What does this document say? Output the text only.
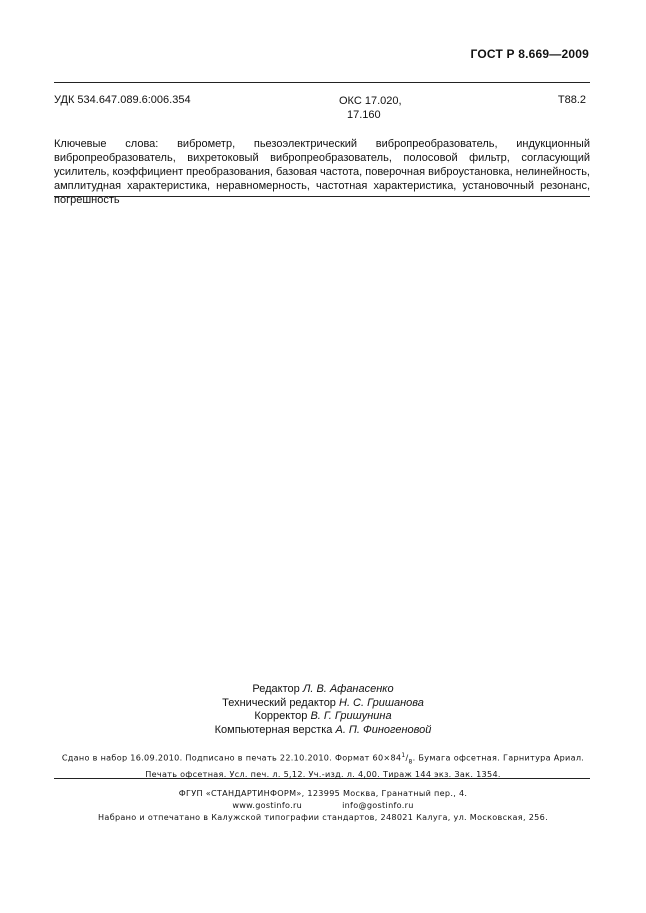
ГОСТ Р 8.669—2009
УДК 534.647.089.6:006.354	ОКС 17.020,
17.160
Т88.2
Ключевые слова: виброметр, пьезоэлектрический вибропреобразователь, индукционный вибропреобразователь, вихретоковый вибропреобразователь, полосовой фильтр, согласующий усилитель, коэффициент преобразования, базовая частота, поверочная виброустановка, нелинейность, амплитудная характеристика, неравномерность, частотная характеристика, установочный резонанс, погрешность
Редактор Л. В. Афанасенко
Технический редактор Н. С. Гришанова
Корректор В. Г. Гришунина
Компьютерная верстка А. П. Финогеновой
Сдано в набор 16.09.2010. Подписано в печать 22.10.2010. Формат $60\times 84^1/_8$. Бумага офсетная. Гарнитура Ариал.
Печать офсетная. Усл. печ. л. 5,12. Уч.-изд. л. 4,00. Тираж 144 экз. Зак. 1354.
ФГУП «СТАНДАРТИНФОРМ», 123995 Москва, Гранатный пер., 4.
www.gostinfo.ru	info@gostinfo.ru
Набрано и отпечатано в Калужской типографии стандартов, 248021 Калуга, ул. Московская, 256.
